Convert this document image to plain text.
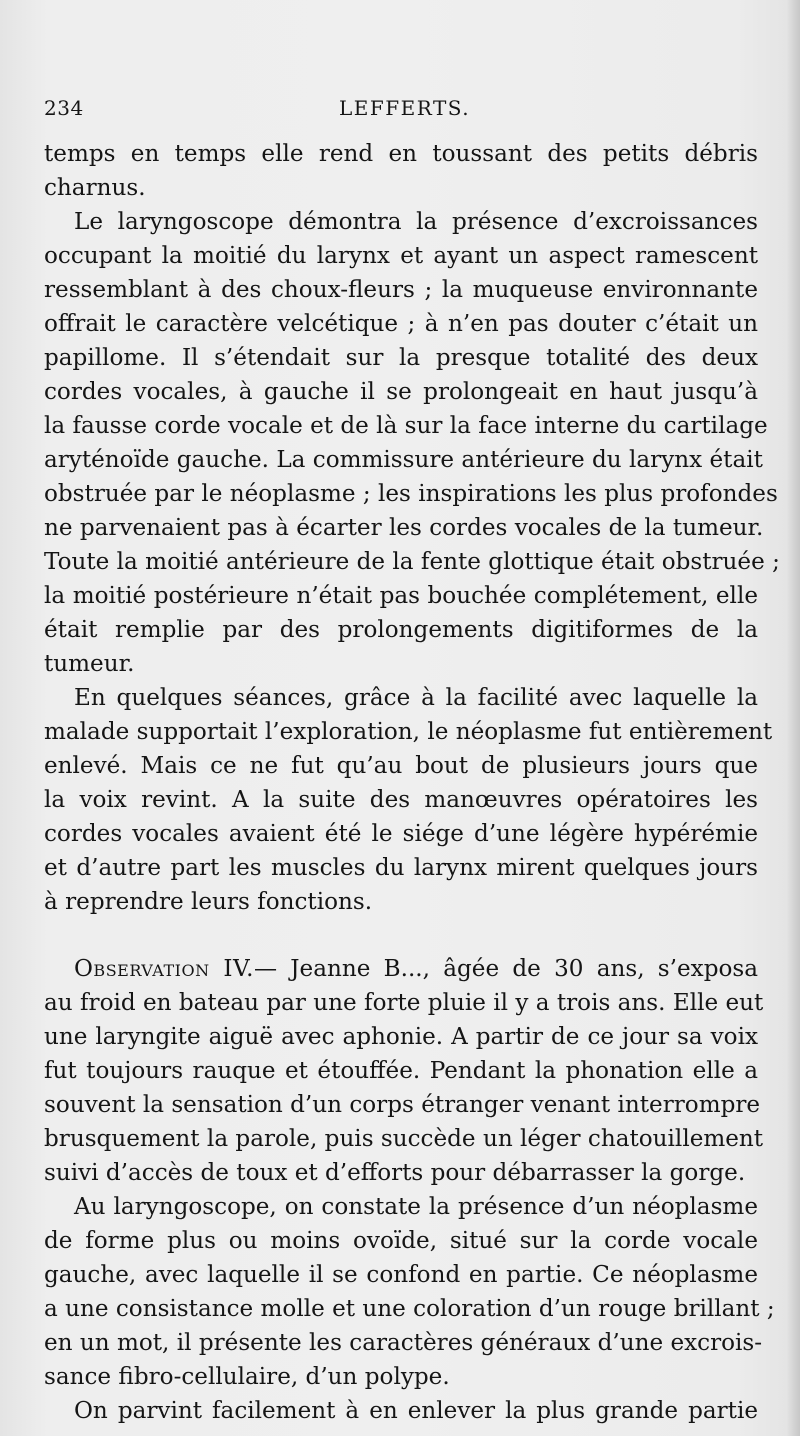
234	LEFFERTS.
temps en temps elle rend en toussant des petits débris
charnus.
Le laryngoscope démontra la présence d’excroissances
occupant la moitié du larynx et ayant un aspect ramescent
ressemblant à des choux-fleurs ; la muqueuse environnante
offrait le caractère velcétique ; à n’en pas douter c’était un
papillome. Il s’étendait sur la presque totalité des deux
cordes vocales, à gauche il se prolongeait en haut jusqu’à
la fausse corde vocale et de là sur la face interne du cartilage
aryténoïde gauche. La commissure antérieure du larynx était
obstruée par le néoplasme ; les inspirations les plus profondes
ne parvenaient pas à écarter les cordes vocales de la tumeur.
Toute la moitié antérieure de la fente glottique était obstruée ;
la moitié postérieure n’était pas bouchée complétement, elle
était remplie par des prolongements digitiformes de la
tumeur.
En quelques séances, grâce à la facilité avec laquelle la
malade supportait l’exploration, le néoplasme fut entièrement
enlevé. Mais ce ne fut qu’au bout de plusieurs jours que
la voix revint. A la suite des manœuvres opératoires les
cordes vocales avaient été le siége d’une légère hypérémie
et d’autre part les muscles du larynx mirent quelques jours
à reprendre leurs fonctions.
Observation IV.— Jeanne B..., âgée de 30 ans, s’exposa
au froid en bateau par une forte pluie il y a trois ans. Elle eut
une laryngite aiguë avec aphonie. A partir de ce jour sa voix
fut toujours rauque et étouffée. Pendant la phonation elle a
souvent la sensation d’un corps étranger venant interrompre
brusquement la parole, puis succède un léger chatouillement
suivi d’accès de toux et d’efforts pour débarrasser la gorge.
Au laryngoscope, on constate la présence d’un néoplasme
de forme plus ou moins ovoïde, situé sur la corde vocale
gauche, avec laquelle il se confond en partie. Ce néoplasme
a une consistance molle et une coloration d’un rouge brillant ;
en un mot, il présente les caractères généraux d’une excrois-
sance fibro-cellulaire, d’un polype.
On parvint facilement à en enlever la plus grande partie
